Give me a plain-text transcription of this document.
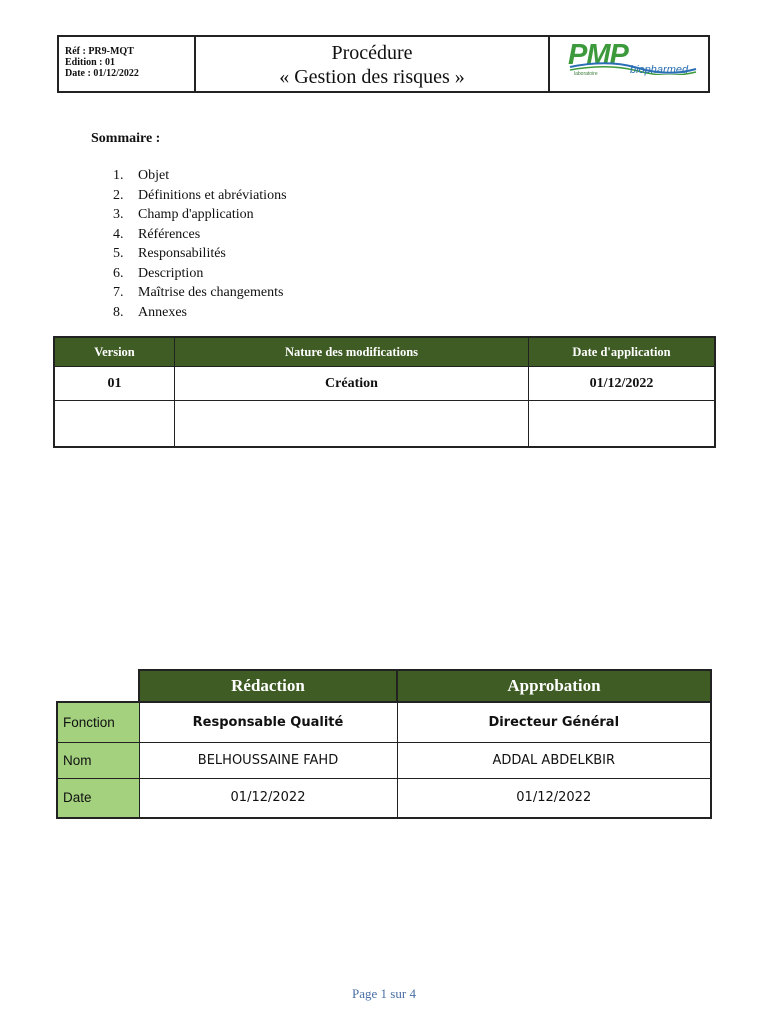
Réf : PR9-MQT
Edition : 01
Date : 01/12/2022
Procédure
« Gestion des risques »
PMP
laboratoire	biopharmed
Sommaire :
1.	Objet
2.	Définitions et abréviations
3.	Champ d'application
4.	Références
5.	Responsabilités
6.	Description
7.	Maîtrise des changements
8.	Annexes
Version	Nature des modifications	Date d'application
01	Création	01/12/2022

	Rédaction	Approbation
Fonction	Responsable Qualité	Directeur Général
Nom	BELHOUSSAINE FAHD	ADDAL ABDELKBIR
Date	01/12/2022	01/12/2022
Page 1 sur 4
